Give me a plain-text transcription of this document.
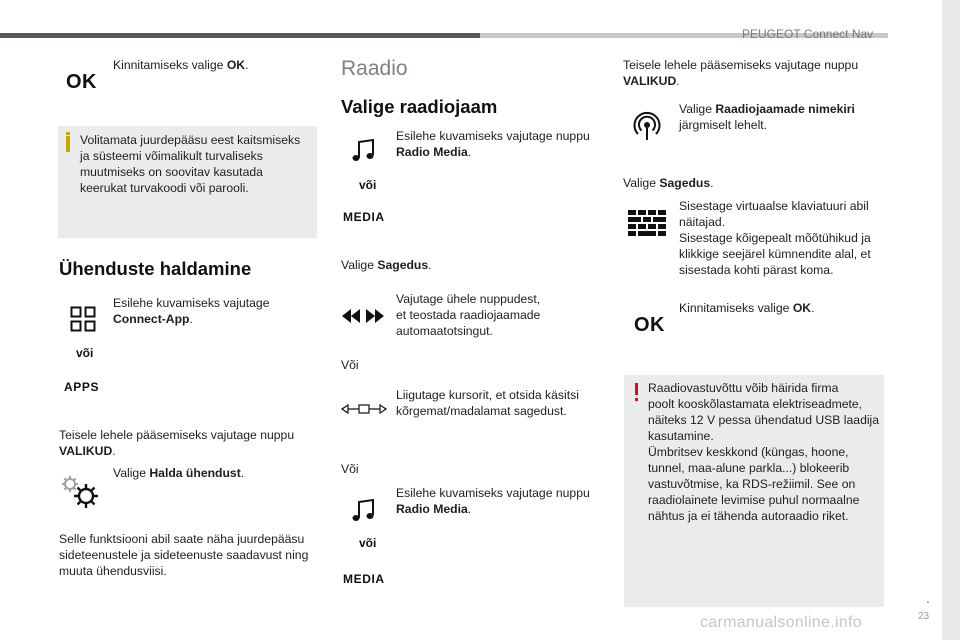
PEUGEOT Connect Nav
.
23
carmanualsonline.info
OK
Kinnitamiseks valige OK.
Volitamata juurdepääsu eest kaitsmiseks
ja süsteemi võimalikult turvaliseks
muutmiseks on soovitav kasutada
keerukat turvakoodi või parooli.
Ühenduste haldamine
Esilehe kuvamiseks vajutage
Connect-App.
või
APPS
Teisele lehele pääsemiseks vajutage nuppu
VALIKUD.
Valige Halda ühendust.
Selle funktsiooni abil saate näha juurdepääsu
sideteenustele ja sideteenuste saadavust ning
muuta ühendusviisi.
Raadio
Valige raadiojaam
Esilehe kuvamiseks vajutage nuppu
Radio Media.
või
MEDIA
Valige Sagedus.
Vajutage ühele nuppudest,
et teostada raadiojaamade
automaatotsingut.
Või
Liigutage kursorit, et otsida käsitsi
kõrgemat/madalamat sagedust.
Või
Esilehe kuvamiseks vajutage nuppu
Radio Media.
või
MEDIA
Teisele lehele pääsemiseks vajutage nuppu
VALIKUD.
Valige Raadiojaamade nimekiri
järgmiselt lehelt.
Valige Sagedus.
Sisestage virtuaalse klaviatuuri abil
näitajad.
Sisestage kõigepealt mõõtühikud ja
klikkige seejärel kümnendite alal, et
sisestada kohti pärast koma.
OK
Kinnitamiseks valige OK.
Raadiovastuvõttu võib häirida firma
poolt kooskõlastamata elektriseadmete,
näiteks 12 V pessa ühendatud USB laadija
kasutamine.
Ümbritsev keskkond (küngas, hoone,
tunnel, maa-alune parkla...) blokeerib
vastuvõtmise, ka RDS-režiimil. See on
raadiolainete levimise puhul normaalne
nähtus ja ei tähenda autoraadio riket.
